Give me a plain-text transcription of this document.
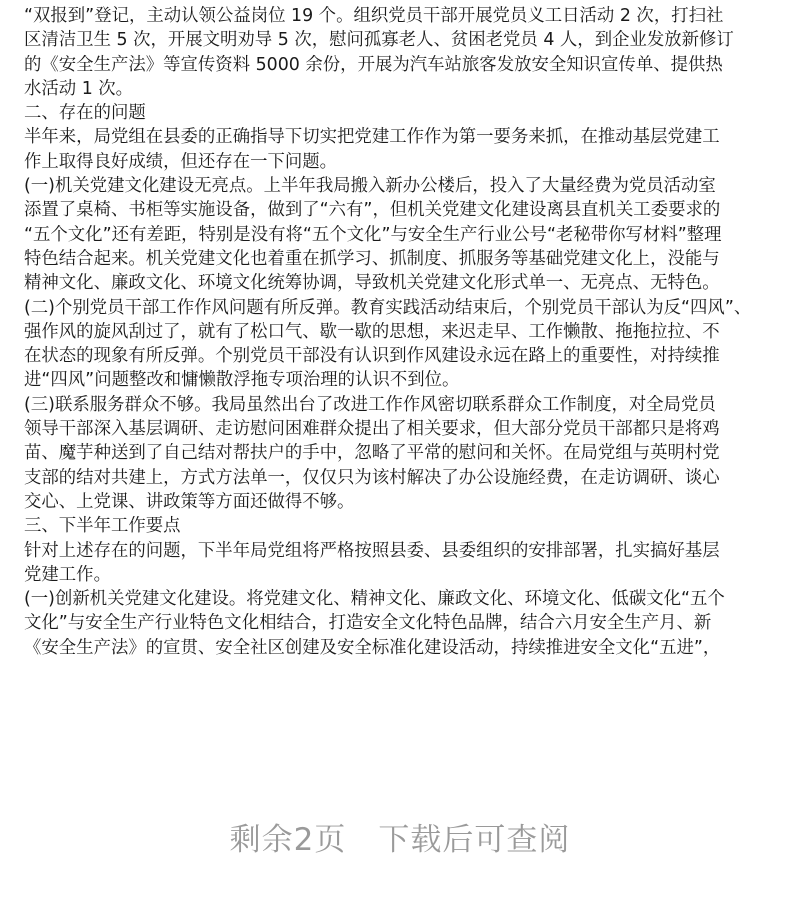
“双报到”登记，主动认领公益岗位 19 个。组织党员干部开展党员义工日活动 2 次，打扫社

区清洁卫生 5 次，开展文明劝导 5 次，慰问孤寡老人、贫困老党员 4 人，到企业发放新修订

的《安全生产法》等宣传资料 5000 余份，开展为汽车站旅客发放安全知识宣传单、提供热

水活动 1 次。

二、存在的问题

半年来，局党组在县委的正确指导下切实把党建工作作为第一要务来抓，在推动基层党建工

作上取得良好成绩，但还存在一下问题。

(一)机关党建文化建设无亮点。上半年我局搬入新办公楼后，投入了大量经费为党员活动室

添置了桌椅、书柜等实施设备，做到了“六有”，但机关党建文化建设离县直机关工委要求的

“五个文化”还有差距，特别是没有将“五个文化”与安全生产行业公号“老秘带你写材料”整理

特色结合起来。机关党建文化也着重在抓学习、抓制度、抓服务等基础党建文化上，没能与

精神文化、廉政文化、环境文化统筹协调，导致机关党建文化形式单一、无亮点、无特色。

(二)个别党员干部工作作风问题有所反弹。教育实践活动结束后，个别党员干部认为反“四风”、

强作风的旋风刮过了，就有了松口气、歇一歇的思想，来迟走早、工作懒散、拖拖拉拉、不

在状态的现象有所反弹。个别党员干部没有认识到作风建设永远在路上的重要性，对持续推

进“四风”问题整改和慵懒散浮拖专项治理的认识不到位。

(三)联系服务群众不够。我局虽然出台了改进工作作风密切联系群众工作制度，对全局党员

领导干部深入基层调研、走访慰问困难群众提出了相关要求，但大部分党员干部都只是将鸡

苗、魔芋种送到了自己结对帮扶户的手中，忽略了平常的慰问和关怀。在局党组与英明村党

支部的结对共建上，方式方法单一，仅仅只为该村解决了办公设施经费，在走访调研、谈心

交心、上党课、讲政策等方面还做得不够。

三、下半年工作要点

针对上述存在的问题，下半年局党组将严格按照县委、县委组织的安排部署，扎实搞好基层

党建工作。

(一)创新机关党建文化建设。将党建文化、精神文化、廉政文化、环境文化、低碳文化“五个

文化”与安全生产行业特色文化相结合，打造安全文化特色品牌，结合六月安全生产月、新

《安全生产法》的宣贯、安全社区创建及安全标准化建设活动，持续推进安全文化“五进”，

剩余2页　下载后可查阅
